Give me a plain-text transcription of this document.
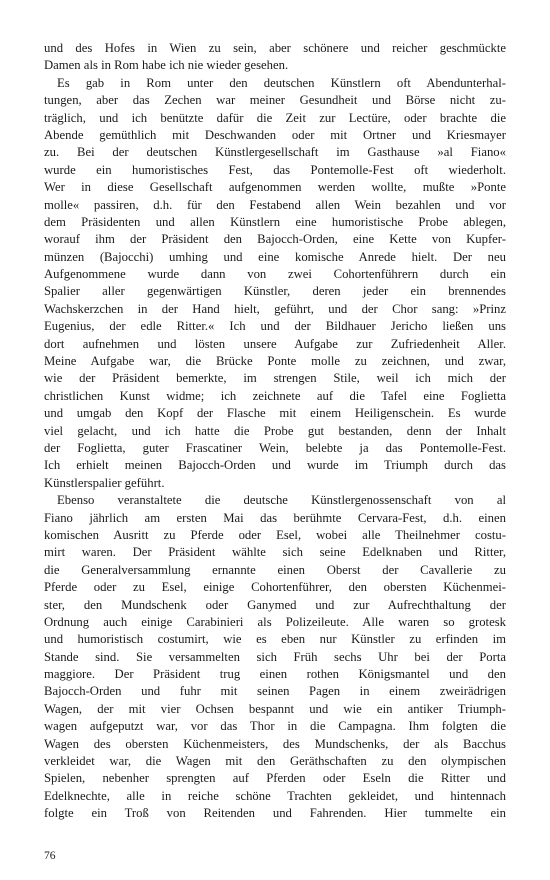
und des Hofes in Wien zu sein, aber schönere und reicher geschmückte
Damen als in Rom habe ich nie wieder gesehen.
Es gab in Rom unter den deutschen Künstlern oft Abendunterhal-
tungen, aber das Zechen war meiner Gesundheit und Börse nicht zu-
träglich, und ich benützte dafür die Zeit zur Lectüre, oder brachte die
Abende gemüthlich mit Deschwanden oder mit Ortner und Kriesmayer
zu. Bei der deutschen Künstlergesellschaft im Gasthause »al Fiano«
wurde ein humoristisches Fest, das Pontemolle-Fest oft wiederholt.
Wer in diese Gesellschaft aufgenommen werden wollte, mußte »Ponte
molle« passiren, d.h. für den Festabend allen Wein bezahlen und vor
dem Präsidenten und allen Künstlern eine humoristische Probe ablegen,
worauf ihm der Präsident den Bajocch-Orden, eine Kette von Kupfer-
münzen (Bajocchi) umhing und eine komische Anrede hielt. Der neu
Aufgenommene wurde dann von zwei Cohortenführern durch ein
Spalier aller gegenwärtigen Künstler, deren jeder ein brennendes
Wachskerzchen in der Hand hielt, geführt, und der Chor sang: »Prinz
Eugenius, der edle Ritter.« Ich und der Bildhauer Jericho ließen uns
dort aufnehmen und lösten unsere Aufgabe zur Zufriedenheit Aller.
Meine Aufgabe war, die Brücke Ponte molle zu zeichnen, und zwar,
wie der Präsident bemerkte, im strengen Stile, weil ich mich der
christlichen Kunst widme; ich zeichnete auf die Tafel eine Foglietta
und umgab den Kopf der Flasche mit einem Heiligenschein. Es wurde
viel gelacht, und ich hatte die Probe gut bestanden, denn der Inhalt
der Foglietta, guter Frascatiner Wein, belebte ja das Pontemolle-Fest.
Ich erhielt meinen Bajocch-Orden und wurde im Triumph durch das
Künstlerspalier geführt.
Ebenso veranstaltete die deutsche Künstlergenossenschaft von al
Fiano jährlich am ersten Mai das berühmte Cervara-Fest, d.h. einen
komischen Ausritt zu Pferde oder Esel, wobei alle Theilnehmer costu-
mirt waren. Der Präsident wählte sich seine Edelknaben und Ritter,
die Generalversammlung ernannte einen Oberst der Cavallerie zu
Pferde oder zu Esel, einige Cohortenführer, den obersten Küchenmei-
ster, den Mundschenk oder Ganymed und zur Aufrechthaltung der
Ordnung auch einige Carabinieri als Polizeileute. Alle waren so grotesk
und humoristisch costumirt, wie es eben nur Künstler zu erfinden im
Stande sind. Sie versammelten sich Früh sechs Uhr bei der Porta
maggiore. Der Präsident trug einen rothen Königsmantel und den
Bajocch-Orden und fuhr mit seinen Pagen in einem zweirädrigen
Wagen, der mit vier Ochsen bespannt und wie ein antiker Triumph-
wagen aufgeputzt war, vor das Thor in die Campagna. Ihm folgten die
Wagen des obersten Küchenmeisters, des Mundschenks, der als Bacchus
verkleidet war, die Wagen mit den Geräthschaften zu den olympischen
Spielen, nebenher sprengten auf Pferden oder Eseln die Ritter und
Edelknechte, alle in reiche schöne Trachten gekleidet, und hintennach
folgte ein Troß von Reitenden und Fahrenden. Hier tummelte ein
76
